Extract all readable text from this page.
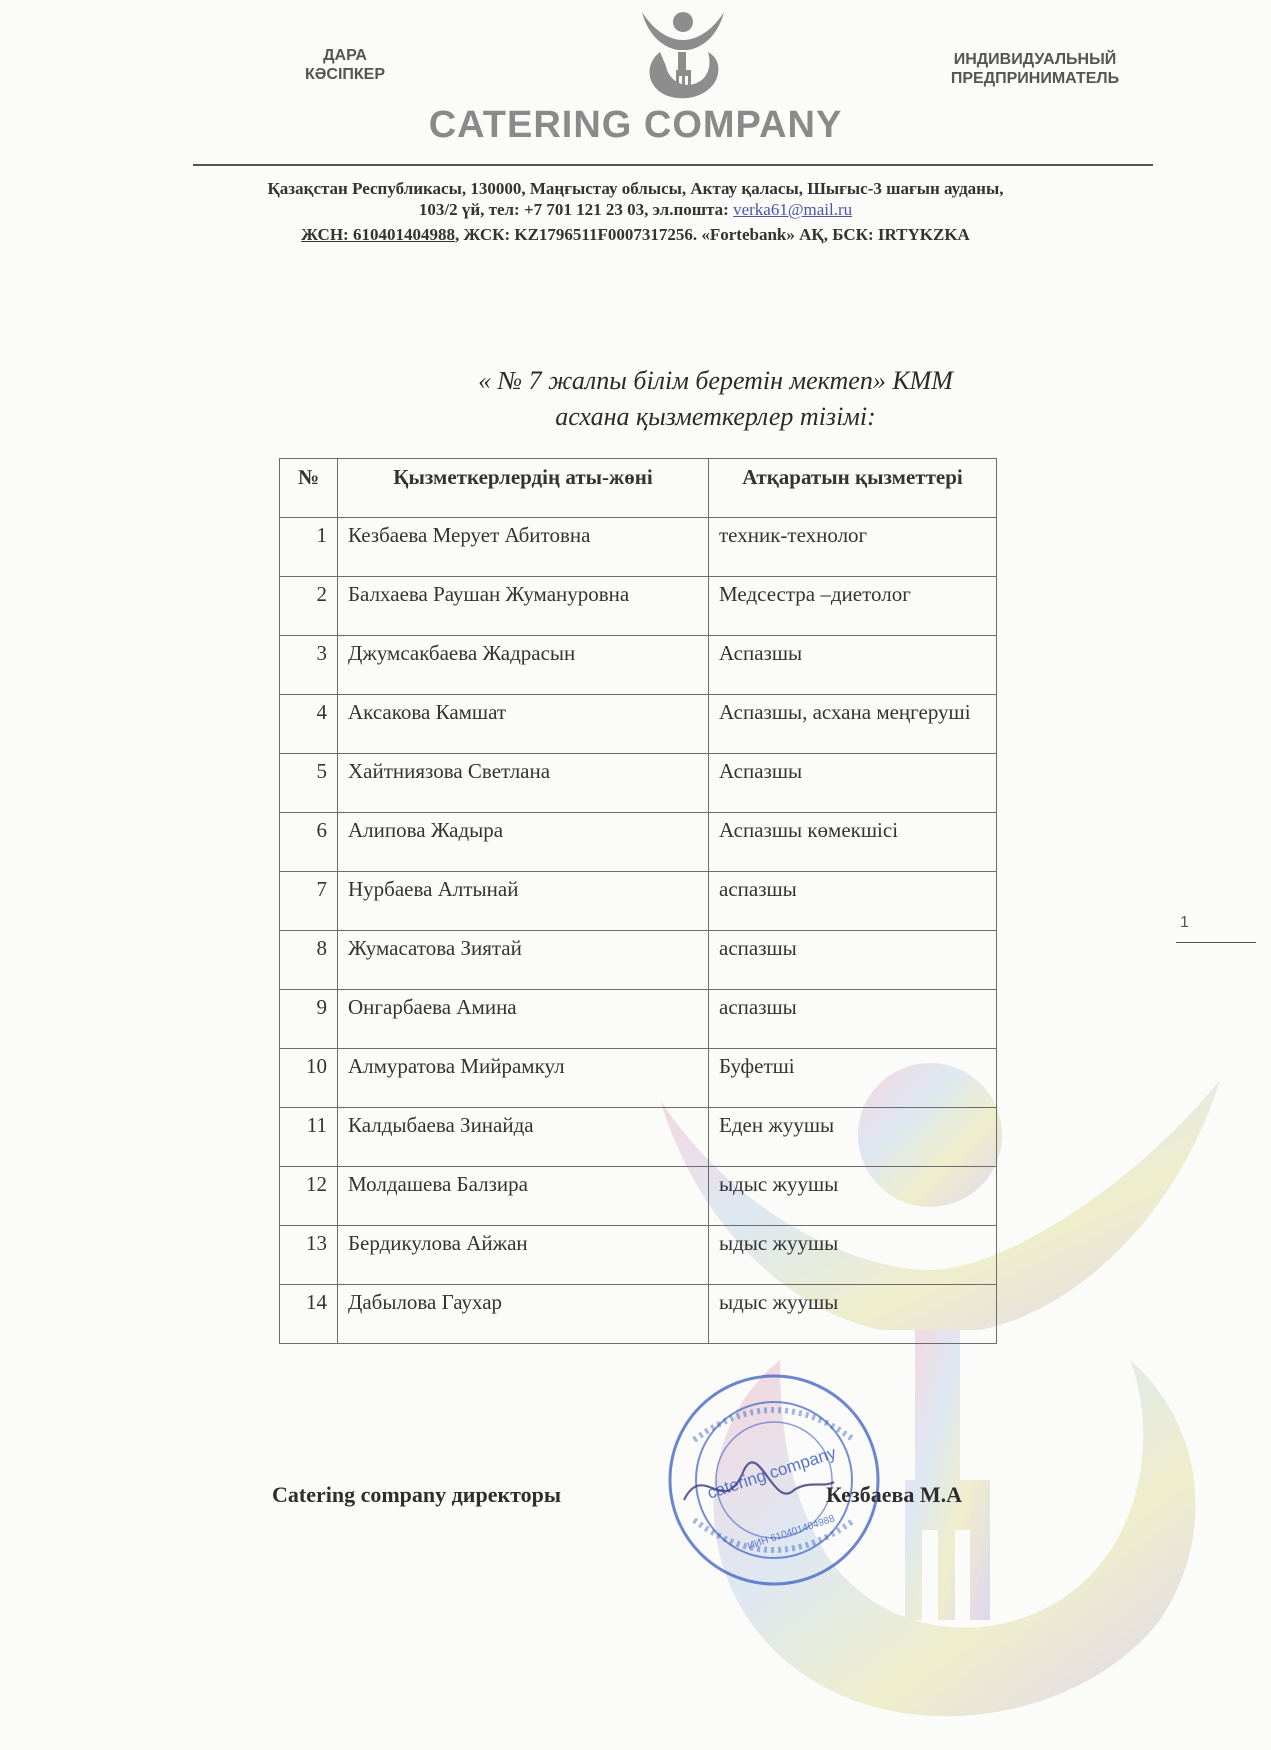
ДАРА
КӘСІПКЕР
ИНДИВИДУАЛЬНЫЙ
ПРЕДПРИНИМАТЕЛЬ
CATERING COMPANY
Қазақстан Республикасы, 130000, Маңғыстау облысы, Актау қаласы, Шығыс-3 шағын ауданы,
103/2 үй, тел: +7 701 121 23 03, эл.пошта: verka61@mail.ru
ЖСН: 610401404988, ЖСК: KZ1796511F0007317256. «Fortebank» АҚ, БСК: IRTYKZKA
« № 7 жалпы білім беретін мектеп» КММ
асхана қызметкерлер тізімі:
№	Қызметкерлердің аты-жөні	Атқаратын қызметтері
1	Кезбаева Мерует Абитовна	техник-технолог
2	Балхаева Раушан Жумануровна	Медсестра –диетолог
3	Джумсакбаева Жадрасын	Аспазшы
4	Аксакова Камшат	Аспазшы, асхана меңгеруші
5	Хайтниязова Светлана	Аспазшы
6	Алипова Жадыра	Аспазшы көмекшісі
7	Нурбаева Алтынай	аспазшы
8	Жумасатова Зиятай	аспазшы
9	Онгарбаева Амина	аспазшы
10	Алмуратова Мийрамкул	Буфетші
11	Калдыбаева Зинайда	Еден жуушы
12	Молдашева Балзира	ыдыс жуушы
13	Бердикулова Айжан	ыдыс жуушы
14	Дабылова Гаухар	ыдыс жуушы
Catering company директоры	catering company
ИИН 610401404988
Кезбаева М.А
1
